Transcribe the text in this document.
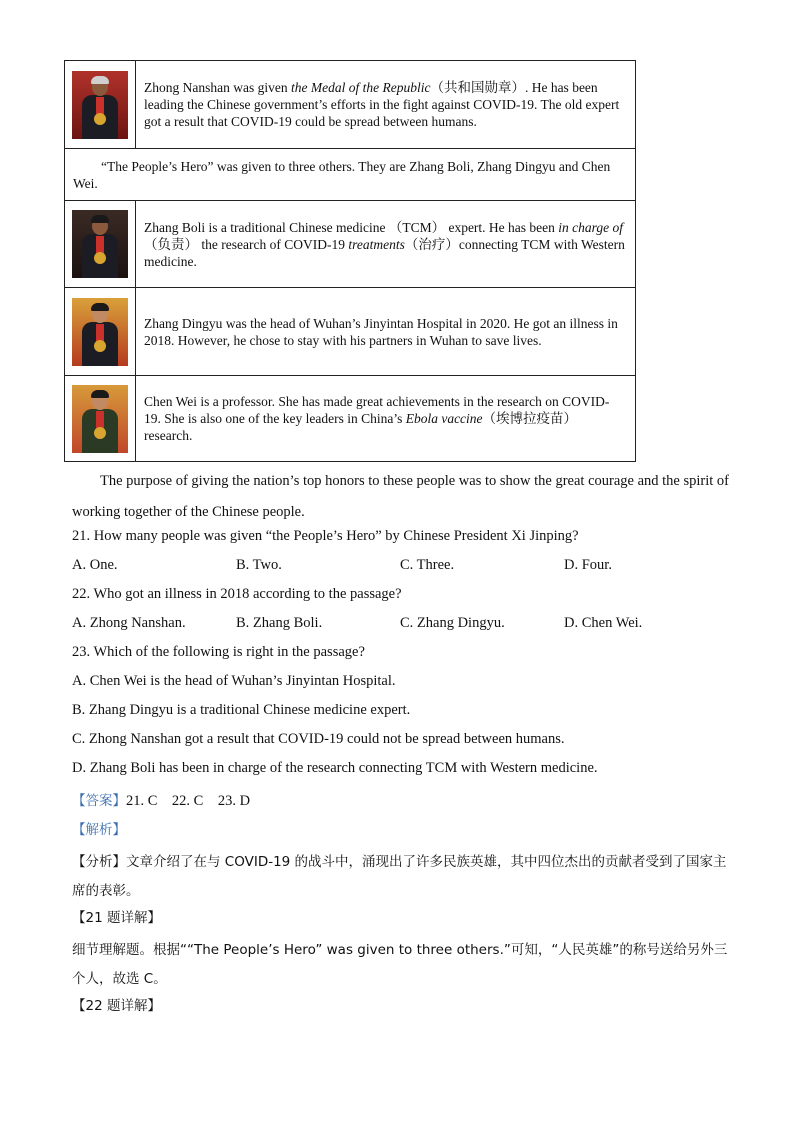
	Zhong Nanshan was given the Medal of the Republic（共和国勋章）. He has been leading the Chinese government’s efforts in the fight against COVID-19. The old expert got a result that COVID-19 could be spread between humans.
“The People’s Hero” was given to three others. They are Zhang Boli, Zhang Dingyu and Chen Wei.	

	Zhang Boli is a traditional Chinese medicine （TCM） expert. He has been in charge of（负责） the research of COVID-19 treatments（治疗）connecting TCM with Western medicine.

	Zhang Dingyu was the head of Wuhan’s Jinyintan Hospital in 2020. He got an illness in 2018. However, he chose to stay with his partners in Wuhan to save lives.

	Chen Wei is a professor. She has made great achievements in the research on COVID-19. She is also one of the key leaders in China’s Ebola vaccine（埃博拉疫苗）research.

The purpose of giving the nation’s top honors to these people was to show the great courage and the spirit of working together of the Chinese people.

21. How many people was given “the People’s Hero” by Chinese President Xi Jinping?

A. One.	B. Two.	C. Three.	D. Four.

22. Who got an illness in 2018 according to the passage?

A. Zhong Nanshan.	B. Zhang Boli.	C. Zhang Dingyu.	D. Chen Wei.

23. Which of the following is right in the passage?

A. Chen Wei is the head of Wuhan’s Jinyintan Hospital.

B. Zhang Dingyu is a traditional Chinese medicine expert.

C. Zhong Nanshan got a result that COVID-19 could not be spread between humans.

D. Zhang Boli has been in charge of the research connecting TCM with Western medicine.

【答案】21. C　22. C　23. D

【解析】

【分析】文章介绍了在与 COVID-19 的战斗中，涌现出了许多民族英雄，其中四位杰出的贡献者受到了国家主席的表彰。

【21 题详解】

细节理解题。根据““The People’s Hero” was given to three others.”可知，“人民英雄”的称号送给另外三个人，故选 C。

【22 题详解】
